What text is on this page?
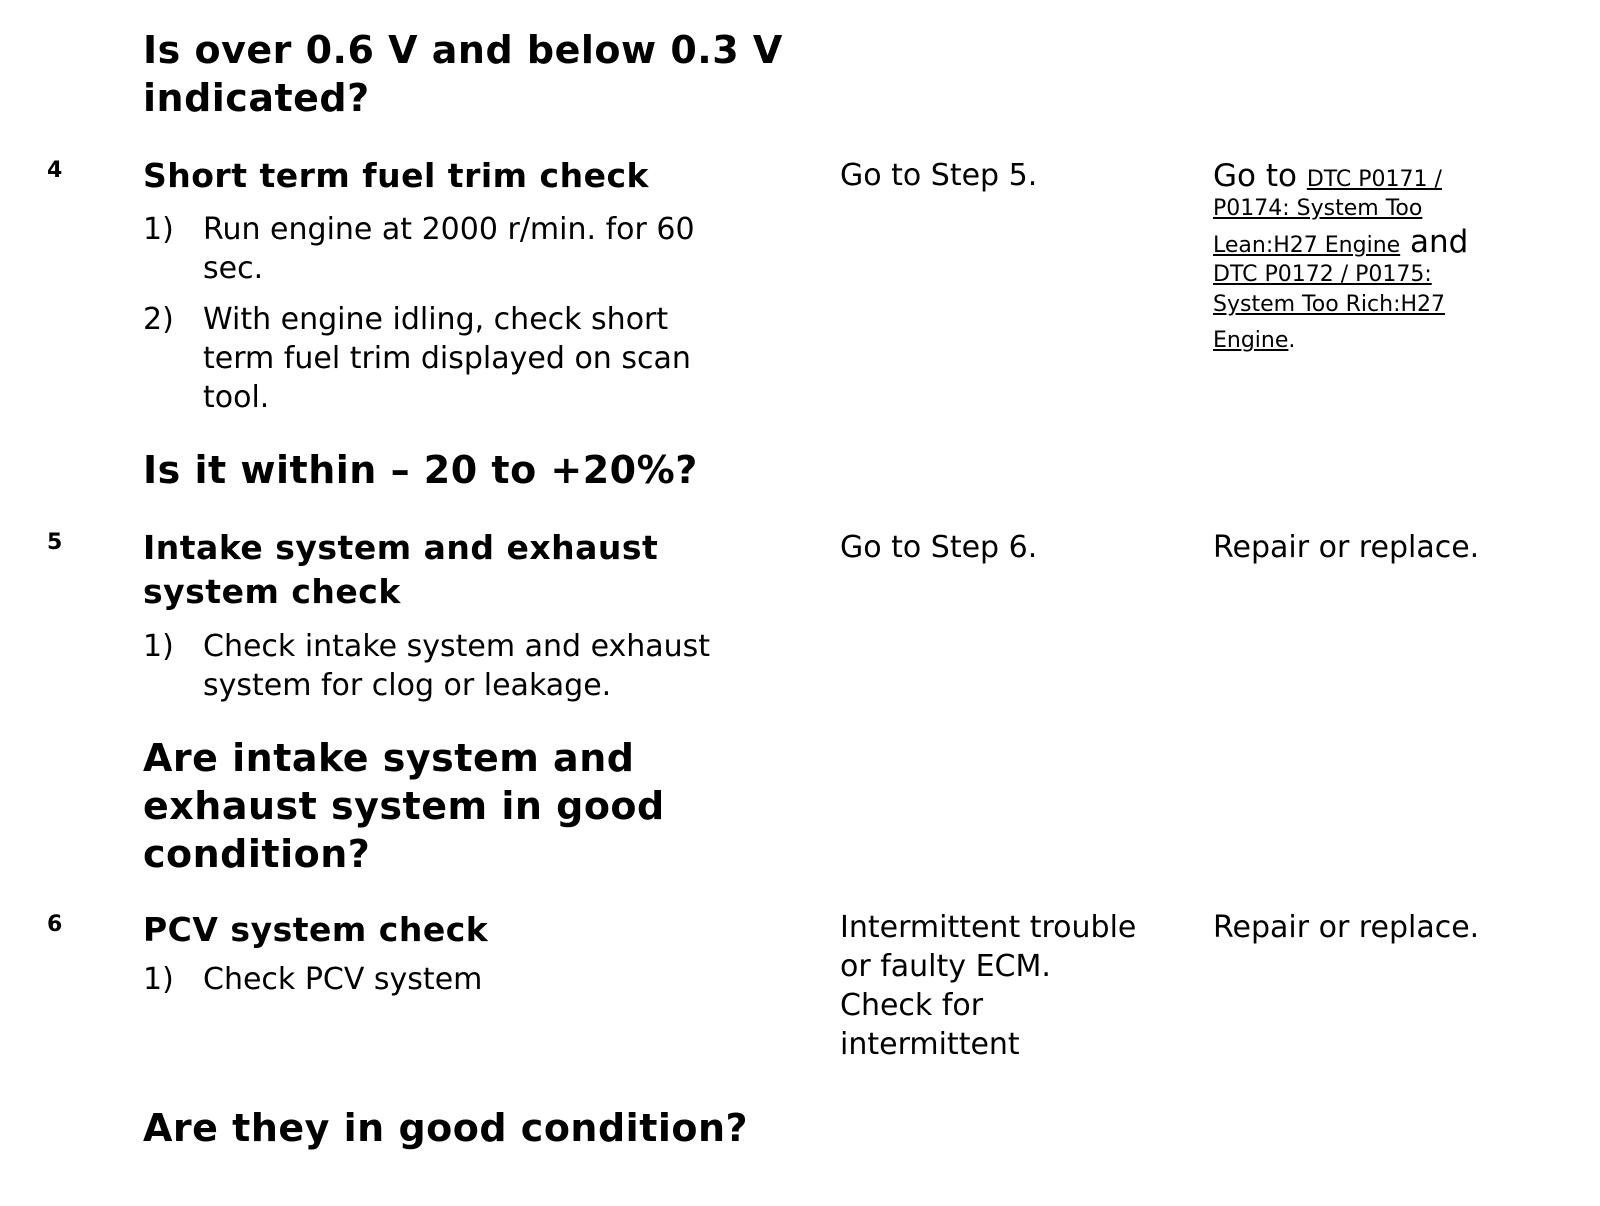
Is over 0.6 V and below 0.3 V
indicated?
4 Short term fuel trim check
1) Run engine at 2000 r/min. for 60
sec.
2) With engine idling, check short
term fuel trim displayed on scan
tool.
Is it within – 20 to +20%?
Go to Step 5.	Go to DTC P0171 /
P0174: System Too
Lean:H27 Engine and
DTC P0172 / P0175:
System Too Rich:H27
Engine.
5 Intake system and exhaust
system check
1) Check intake system and exhaust
system for clog or leakage.
Are intake system and
exhaust system in good
condition?
Go to Step 6.	Repair or replace.
6 PCV system check
1) Check PCV system
Are they in good condition?
Intermittent trouble
or faulty ECM.
Check for
intermittent
Repair or replace.
